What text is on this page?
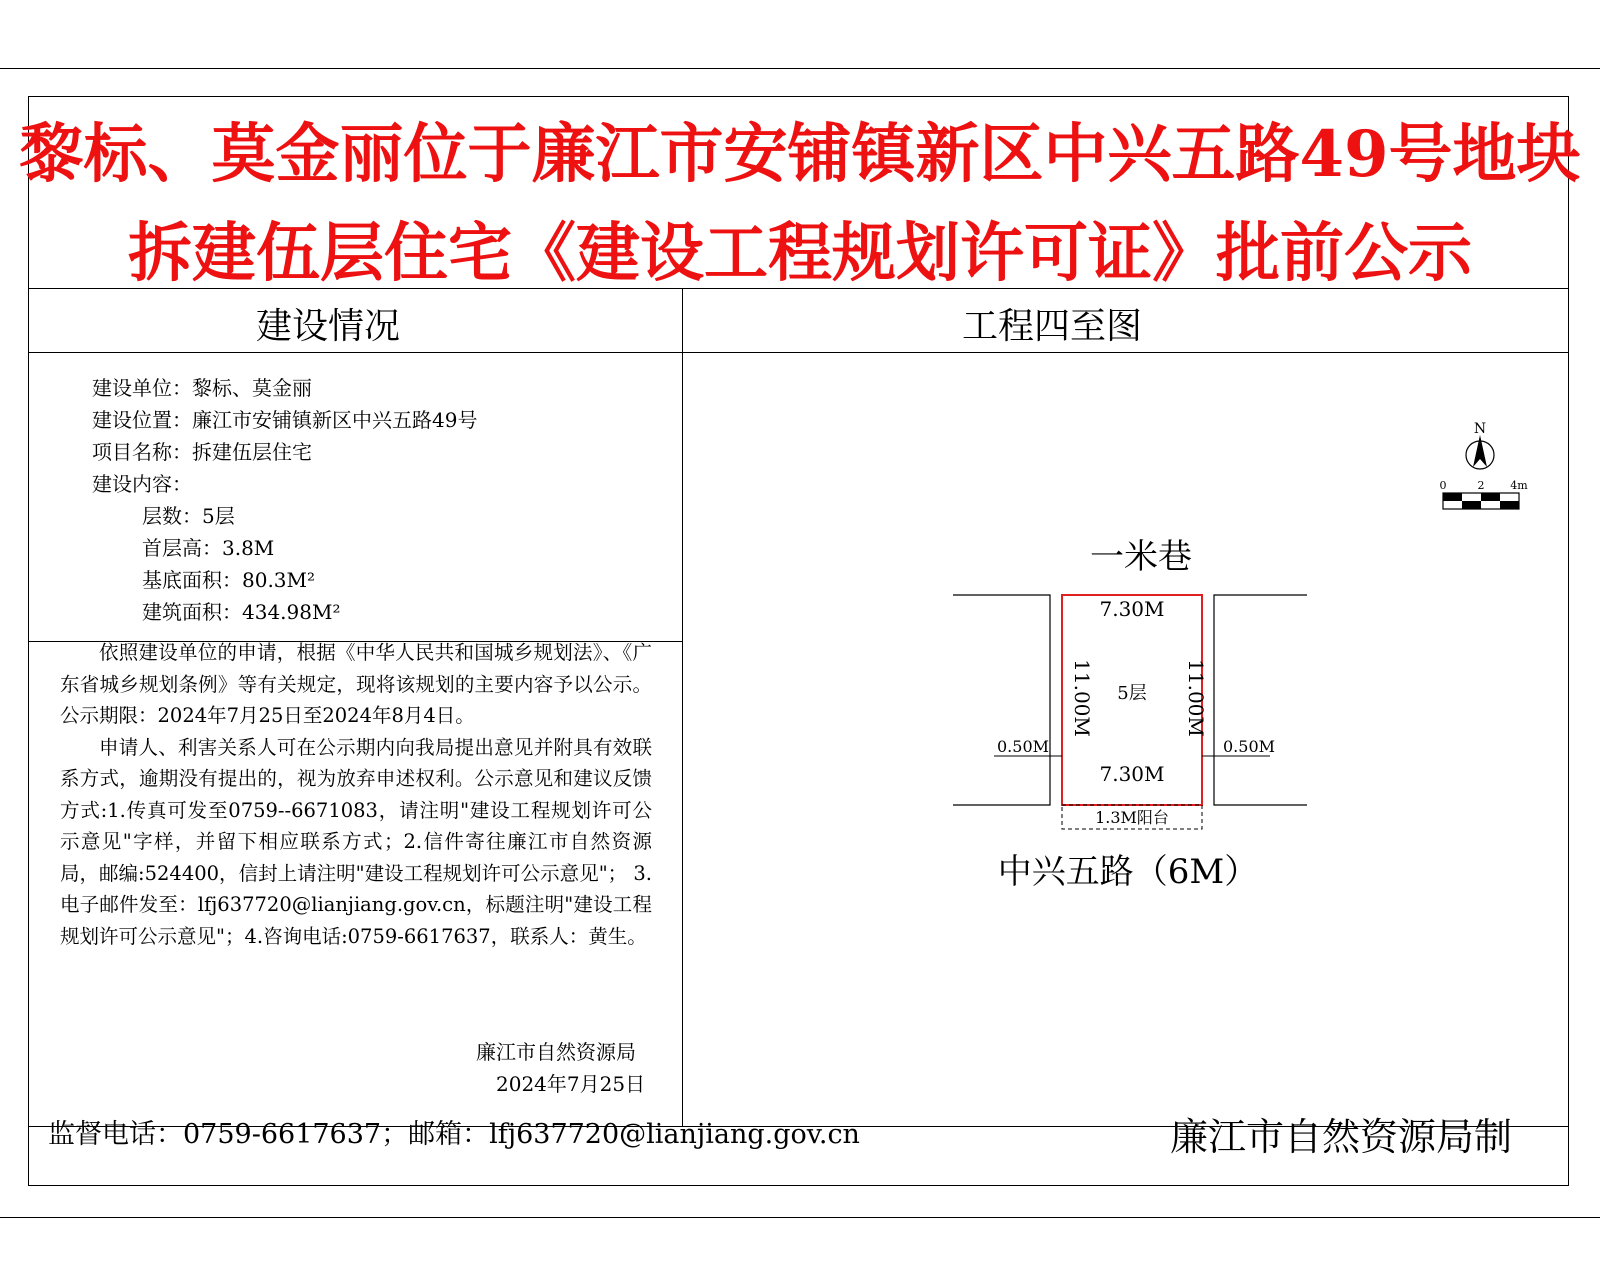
黎标、莫金丽位于廉江市安铺镇新区中兴五路49号地块
拆建伍层住宅《建设工程规划许可证》批前公示
建设情况	工程四至图
建设单位：黎标、莫金丽
建设位置：廉江市安铺镇新区中兴五路49号
项目名称：拆建伍层住宅
建设内容：
层数：5层
首层高：3.8M
基底面积：80.3M²
建筑面积：434.98M²

依照建设单位的申请，根据《中华人民共和国城乡规划法》、《广东省城乡规划条例》等有关规定，现将该规划的主要内容予以公示。公示期限：2024年7月25日至2024年8月4日。

申请人、利害关系人可在公示期内向我局提出意见并附具有效联系方式，逾期没有提出的，视为放弃申述权利。公示意见和建议反馈方式:1.传真可发至0759--6671083，请注明"建设工程规划许可公示意见"字样，并留下相应联系方式；2.信件寄往廉江市自然资源局，邮编:524400，信封上请注明"建设工程规划许可公示意见"； 3.电子邮件发至：lfj637720@lianjiang.gov.cn，标题注明"建设工程规划许可公示意见"；4.咨询电话:0759-6617637，联系人：黄生。

廉江市自然资源局
2024年7月25日
N
0	2 4m
一米巷
7.30M
7.30M
5层
11.00M	11.00M
0.50M	0.50M
1.3M阳台
中兴五路（6M）
监督电话：0759-6617637；邮箱：lfj637720@lianjiang.gov.cn	廉江市自然资源局制
